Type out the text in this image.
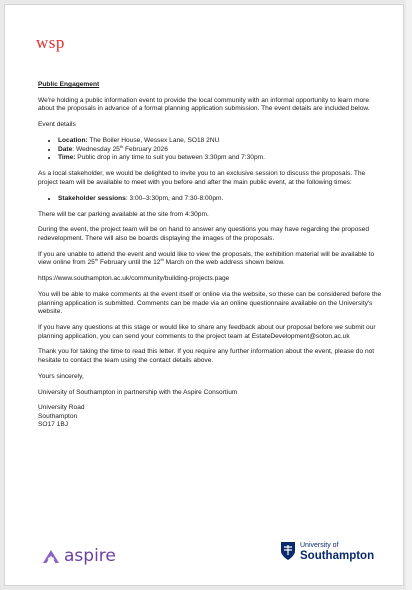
wsp

Public Engagement

We're holding a public information event to provide the local community with an informal opportunity to learn more about the proposals in advance of a formal planning application submission. The event details are included below.

Event details

• Location: The Boiler House, Wessex Lane, SO18 2NU
• Date: Wednesday 25th February 2026
• Time: Public drop in any time to suit you between 3:30pm and 7:30pm.

As a local stakeholder, we would be delighted to invite you to an exclusive session to discuss the proposals. The project team will be available to meet with you before and after the main public event, at the following times:

• Stakeholder sessions: 3:00–3:30pm, and 7:30-8:00pm.

There will be car parking available at the site from 4:30pm.

During the event, the project team will be on hand to answer any questions you may have regarding the proposed redevelopment. There will also be boards displaying the images of the proposals.

If you are unable to attend the event and would like to view the proposals, the exhibition material will be available to view online from 25th February until the 12th March on the web address shown below.

https://www.southampton.ac.uk/community/building-projects.page

You will be able to make comments at the event itself or online via the website, so these can be considered before the planning application is submitted. Comments can be made via an online questionnaire available on the University's website.

If you have any questions at this stage or would like to share any feedback about our proposal before we submit our planning application, you can send your comments to the project team at EstateDevelopment@soton.ac.uk

Thank you for taking the time to read this letter. If you require any further information about the event, please do not hesitate to contact the team using the contact details above.

Yours sincerely,

University of Southampton in partnership with the Aspire Consortium

University Road

Southampton

SO17 1BJ

aspire
University of
Southampton
